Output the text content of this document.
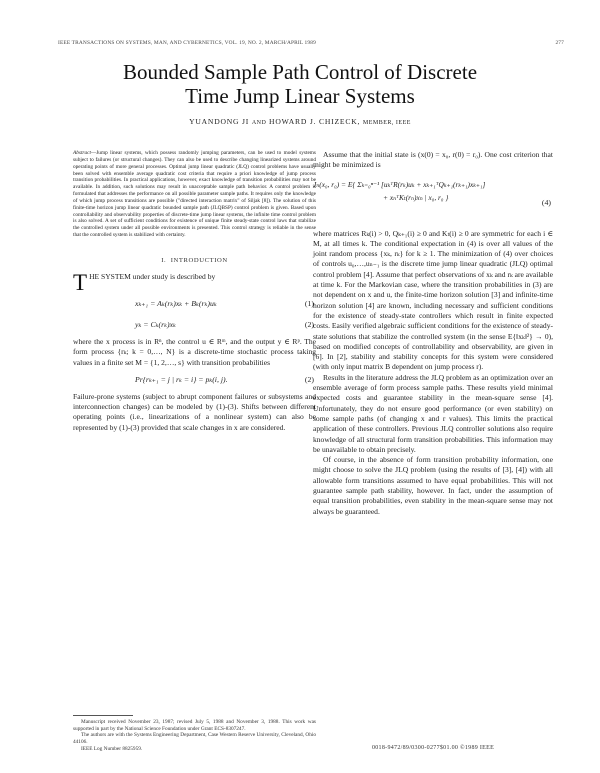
IEEE TRANSACTIONS ON SYSTEMS, MAN, AND CYBERNETICS, VOL. 19, NO. 2, MARCH/APRIL 1989	277
Bounded Sample Path Control of Discrete
Time Jump Linear Systems
YUANDONG JI AND HOWARD J. CHIZECK, MEMBER, IEEE
Abstract—Jump linear systems, which possess randomly jumping parameters, can be used to model systems subject to failures (or structural changes). They can also be used to describe changing linearized systems around operating points of more general processes. Optimal jump linear quadratic (JLQ) control problems have usually been solved with ensemble average quadratic cost criteria that require a priori knowledge of jump process transition probabilities. In practical applications, however, exact knowledge of transition probabilities may not be available. In addition, such solutions may result in unacceptable sample path behavior. A control problem is formulated that addresses the performance on all possible parameter sample paths. It requires only the knowledge of which jump process transitions are possible ("directed interaction matrix" of Siljak [8]). The solution of this finite-time horizon jump linear quadratic bounded sample path (JLQBSP) control problem is given. Based upon controllability and observability properties of discrete-time jump linear systems, the infinite time control problem is also solved. A set of sufficient conditions for existence of unique finite steady-state control laws that stabilize the controlled system under all possible environments is presented. This control strategy is reliable in the sense that the controlled system is stabilized with certainty.
I. INTRODUCTION

THE SYSTEM under study is described by

xₖ₊₁ = Aₖ(rₖ)xₖ + Bₖ(rₖ)uₖ	(1)
yₖ = Cₖ(rₖ)xₖ	(2)

where the x process is in Rⁿ, the control u ∈ Rᵐ, and the output y ∈ Rᵖ. The form process {rₖ; k = 0,…, N} is a discrete-time stochastic process taking values in a finite set M = {1, 2,…, s} with transition probabilities

Pr{rₖ₊₁ = j | rₖ = i} = pₖ(i, j).	(2)

Failure-prone systems (subject to abrupt component failures or subsystems and interconnection changes) can be modeled by (1)-(3). Shifts between different operating points (i.e., linearizations of a nonlinear system) can also be represented by (1)-(3) provided that scale changes in x are considered.

Manuscript received November 23, 1987; revised July 5, 1988 and November 3, 1988. This work was supported in part by the National Science Foundation under Grant ECS-8307247.

The authors are with the Systems Engineering Department, Case Western Reserve University, Cleveland, Ohio 44106.

IEEE Log Number 8825959.

Assume that the initial state is (x(0) = x₀, r(0) = r₀). One cost criterion that might be minimized is

Jₙ(x₀, r₀) = E{ Σₖ₌₀ⁿ⁻¹ [uₖᵀR(rₖ)uₖ + xₖ₊₁ᵀQₖ₊₁(rₖ₊₁)xₖ₊₁]
+ xₙᵀKₜ(rₙ)xₙ | x₀, r₀ }
(4)

where matrices Rₖ(i) > 0, Qₖ₊₁(i) ≥ 0 and Kₜ(i) ≥ 0 are symmetric for each i ∈ M, at all times k. The conditional expectation in (4) is over all values of the joint random process {xₖ, rₖ} for k ≥ 1. The minimization of (4) over choices of controls u₀,…,uₙ₋₁ is the discrete time jump linear quadratic (JLQ) optimal control problem [4]. Assume that perfect observations of xₖ and rₖ are available at time k. For the Markovian case, where the transition probabilities in (3) are not dependent on x and u, the finite-time horizon solution [3] and infinite-time horizon solution [4] are known, including necessary and sufficient conditions for the existence of steady-state controllers which result in finite expected costs. Easily verified algebraic sufficient conditions for the existence of steady-state solutions that stabilize the controlled system (in the sense E{‖xₖ‖²} → 0), based on modified concepts of controllability and observability, are given in [6]. In [2], stability and stability concepts for this system were considered (with only input matrix B dependent on jump process r).

Results in the literature address the JLQ problem as an optimization over an ensemble average of form process sample paths. These results yield minimal expected costs and guarantee stability in the mean-square sense [4]. Unfortunately, they do not ensure good performance (or even stability) on some sample paths (of changing x and r values). This limits the practical application of these controllers. Previous JLQ controller solutions also require knowledge of all structural form transition probabilities. This information may be unavailable to obtain precisely.

Of course, in the absence of form transition probability information, one might choose to solve the JLQ problem (using the results of [3], [4]) with all allowable form transitions assumed to have equal probabilities. This will not guarantee sample path stability, however. In fact, under the assumption of equal transition probabilities, even stability in the mean-square sense may not always be guaranteed.

0018-9472/89/0300-0277$01.00 ©1989 IEEE
